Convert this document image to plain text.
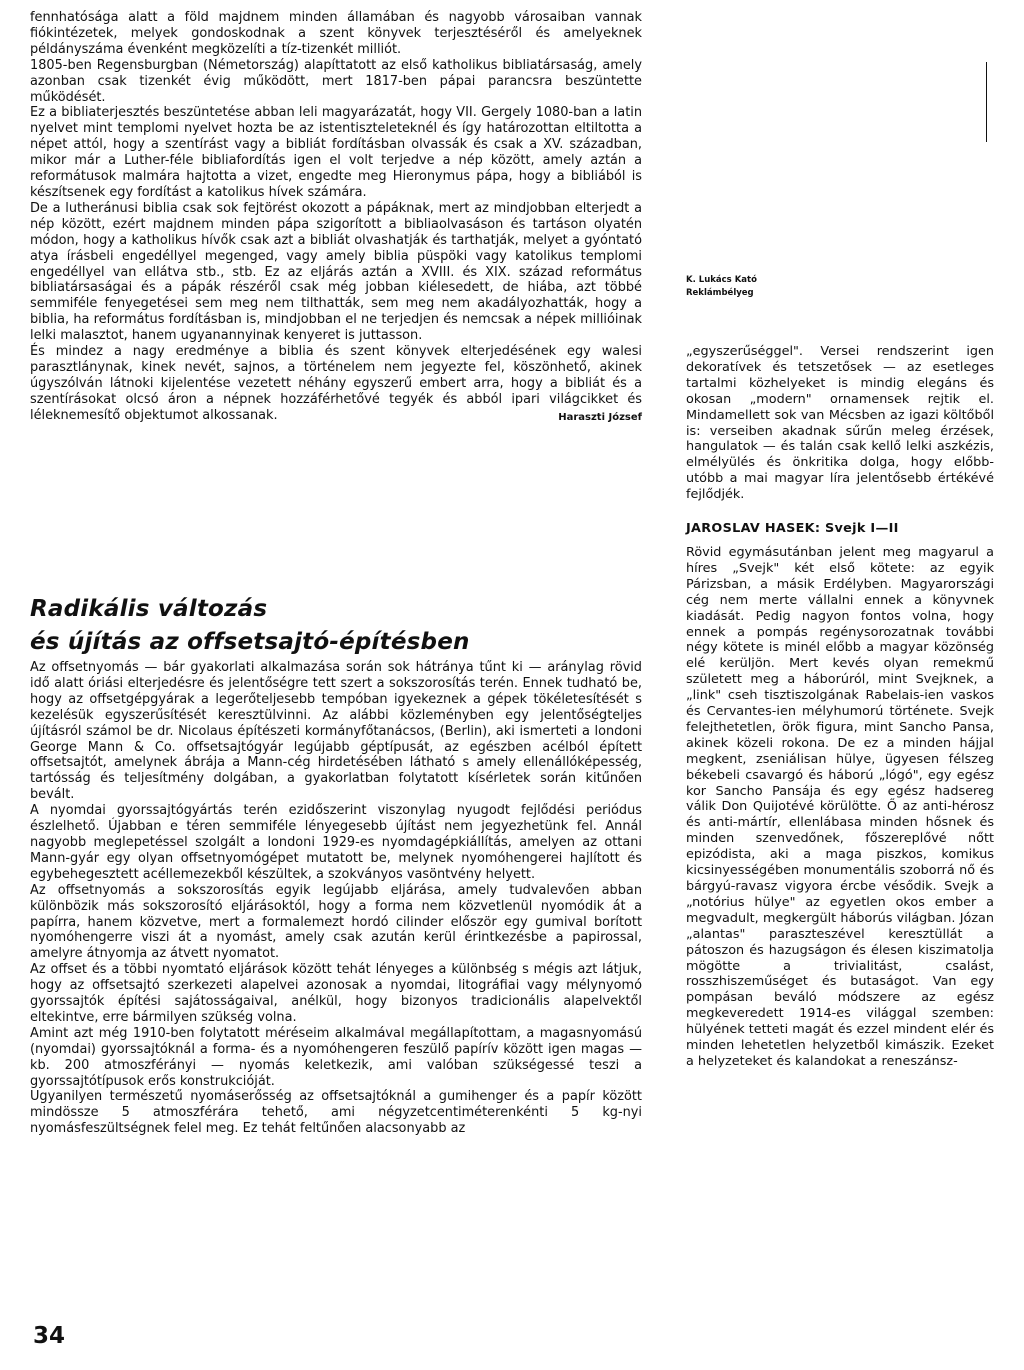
fennhatósága alatt a föld majdnem minden államában és nagyobb városaiban vannak fiókintézetek, melyek gondoskodnak a szent könyvek terjesztéséről és amelyeknek példányszáma évenként megközelíti a tíz-tizenkét milliót.

1805-ben Regensburgban (Németország) alapíttatott az első katholikus bibliatársaság, amely azonban csak tizenkét évig működött, mert 1817-ben pápai parancsra beszüntette működését.

Ez a bibliaterjesztés beszüntetése abban leli magyarázatát, hogy VII. Gergely 1080-ban a latin nyelvet mint templomi nyelvet hozta be az istentiszteleteknél és így határozottan eltiltotta a népet attól, hogy a szentírást vagy a bibliát fordításban olvassák és csak a XV. században, mikor már a Luther-féle bibliafordítás igen el volt terjedve a nép között, amely aztán a reformátusok malmára hajtotta a vizet, engedte meg Hieronymus pápa, hogy a bibliából is készítsenek egy fordítást a katolikus hívek számára.

De a lutheránusi biblia csak sok fejtörést okozott a pápáknak, mert az mindjobban elterjedt a nép között, ezért majdnem minden pápa szigorított a bibliaolvasáson és tartáson olyatén módon, hogy a katholikus hívők csak azt a bibliát olvashatják és tarthatják, melyet a gyóntató atya írásbeli engedéllyel megenged, vagy amely biblia püspöki vagy katolikus templomi engedéllyel van ellátva stb., stb. Ez az eljárás aztán a XVIII. és XIX. század református bibliatársaságai és a pápák részéről csak még jobban kiélesedett, de hiába, azt többé semmiféle fenyegetései sem meg nem tilthatták, sem meg nem akadályozhatták, hogy a biblia, ha református fordításban is, mindjobban el ne terjedjen és nemcsak a népek millióinak lelki malasztot, hanem ugyanannyinak kenyeret is juttasson.

És mindez a nagy eredménye a biblia és szent könyvek elterjedésének egy walesi parasztlánynak, kinek nevét, sajnos, a történelem nem jegyezte fel, köszönhető, akinek úgyszólván látnoki kijelentése vezetett néhány egyszerű embert arra, hogy a bibliát és a szentírásokat olcsó áron a népnek hozzáférhetővé tegyék és abból ipari világcikket és léleknemesítő objektumot alkossanak.	Haraszti József
Radikális változás
és újítás az offsetsajtó-építésben

Az offsetnyomás — bár gyakorlati alkalmazása során sok hátránya tűnt ki — aránylag rövid idő alatt óriási elterjedésre és jelentőségre tett szert a sokszorosítás terén. Ennek tudható be, hogy az offsetgépgyárak a legerőteljesebb tempóban igyekeznek a gépek tökéletesítését s kezelésük egyszerűsítését keresztülvinni. Az alábbi közleményben egy jelentőségteljes újításról számol be dr. Nicolaus építészeti kormányfőtanácsos, (Berlin), aki ismerteti a londoni George Mann & Co. offsetsajtógyár legújabb géptípusát, az egészben acélból épített offsetsajtót, amelynek ábrája a Mann-cég hirdetésében látható s amely ellenállóképesség, tartósság és teljesítmény dolgában, a gyakorlatban folytatott kísérletek során kitűnően bevált.

A nyomdai gyorssajtógyártás terén ezidőszerint viszonylag nyugodt fejlődési periódus észlelhető. Újabban e téren semmiféle lényegesebb újítást nem jegyezhetünk fel. Annál nagyobb meglepetéssel szolgált a londoni 1929-es nyomdagépkiállítás, amelyen az ottani Mann-gyár egy olyan offsetnyomógépet mutatott be, melynek nyomóhengerei hajlított és egybehegesztett acéllemezekből készültek, a szokványos vasöntvény helyett.

Az offsetnyomás a sokszorosítás egyik legújabb eljárása, amely tudvalevően abban különbözik más sokszorosító eljárásoktól, hogy a forma nem közvetlenül nyomódik át a papírra, hanem közvetve, mert a formalemezt hordó cilinder először egy gumival borított nyomóhengerre viszi át a nyomást, amely csak azután kerül érintkezésbe a papirossal, amelyre átnyomja az átvett nyomatot.

Az offset és a többi nyomtató eljárások között tehát lényeges a különbség s mégis azt látjuk, hogy az offsetsajtó szerkezeti alapelvei azonosak a nyomdai, litográfiai vagy mélynyomó gyorssajtók építési sajátosságaival, anélkül, hogy bizonyos tradicionális alapelvektől eltekintve, erre bármilyen szükség volna.

Amint azt még 1910-ben folytatott méréseim alkalmával megállapítottam, a magasnyomású (nyomdai) gyorssajtóknál a forma- és a nyomóhengeren feszülő papírív között igen magas — kb. 200 atmoszférányi — nyomás keletkezik, ami valóban szükségessé teszi a gyorssajtótípusok erős konstrukcióját.

Ugyanilyen természetű nyomáserősség az offsetsajtóknál a gumihenger és a papír között mindössze 5 atmoszférára tehető, ami négyzetcentiméterenkénti 5 kg-nyi nyomásfeszültségnek felel meg. Ez tehát feltűnően alacsonyabb az

K. Lukács Kató
Reklámbélyeg

„egyszerűséggel". Versei rendszerint igen dekoratívek és tetszetősek — az esetleges tartalmi közhelyeket is mindig elegáns és okosan „modern" ornamensek rejtik el. Mindamellett sok van Mécsben az igazi költőből is: verseiben akadnak sűrűn meleg érzések, hangulatok — és talán csak kellő lelki aszkézis, elmélyülés és önkritika dolga, hogy előbb-utóbb a mai magyar líra jelentősebb értékévé fejlődjék.

JAROSLAV HASEK: Svejk I—II

Rövid egymásutánban jelent meg magyarul a híres „Svejk" két első kötete: az egyik Párizsban, a másik Erdélyben. Magyarországi cég nem merte vállalni ennek a könyvnek kiadását. Pedig nagyon fontos volna, hogy ennek a pompás regénysorozatnak további négy kötete is minél előbb a magyar közönség elé kerüljön. Mert kevés olyan remekmű született meg a háborúról, mint Svejknek, a „link" cseh tisztiszolgának Rabelais-ien vaskos és Cervantes-ien mélyhumorú története. Svejk felejthetetlen, örök figura, mint Sancho Pansa, akinek közeli rokona. De ez a minden hájjal megkent, zseniálisan hülye, ügyesen félszeg békebeli csavargó és háború „lógó", egy egész kor Sancho Pansája és egy egész hadsereg válik Don Quijotévé körülötte. Ő az anti-hérosz és anti-mártír, ellenlábasa minden hősnek és minden szenvedőnek, főszereplővé nőtt epizódista, aki a maga piszkos, komikus kicsinyességében monumentális szoborrá nő és bárgyú-ravasz vigyora ércbe vésődik. Svejk a „notórius hülye" az egyetlen okos ember a megvadult, megkergült háborús világban. Józan „alantas" paraszteszével keresztüllát a pátoszon és hazugságon és élesen kiszimatolja mögötte a trivialitást, csalást, rosszhiszeműséget és butaságot. Van egy pompásan beváló módszere az egész megkeveredett 1914-es világgal szemben: hülyének tetteti magát és ezzel mindent elér és minden lehetetlen helyzetből kimászik. Ezeket a helyzeteket és kalandokat a reneszánsz-

34
